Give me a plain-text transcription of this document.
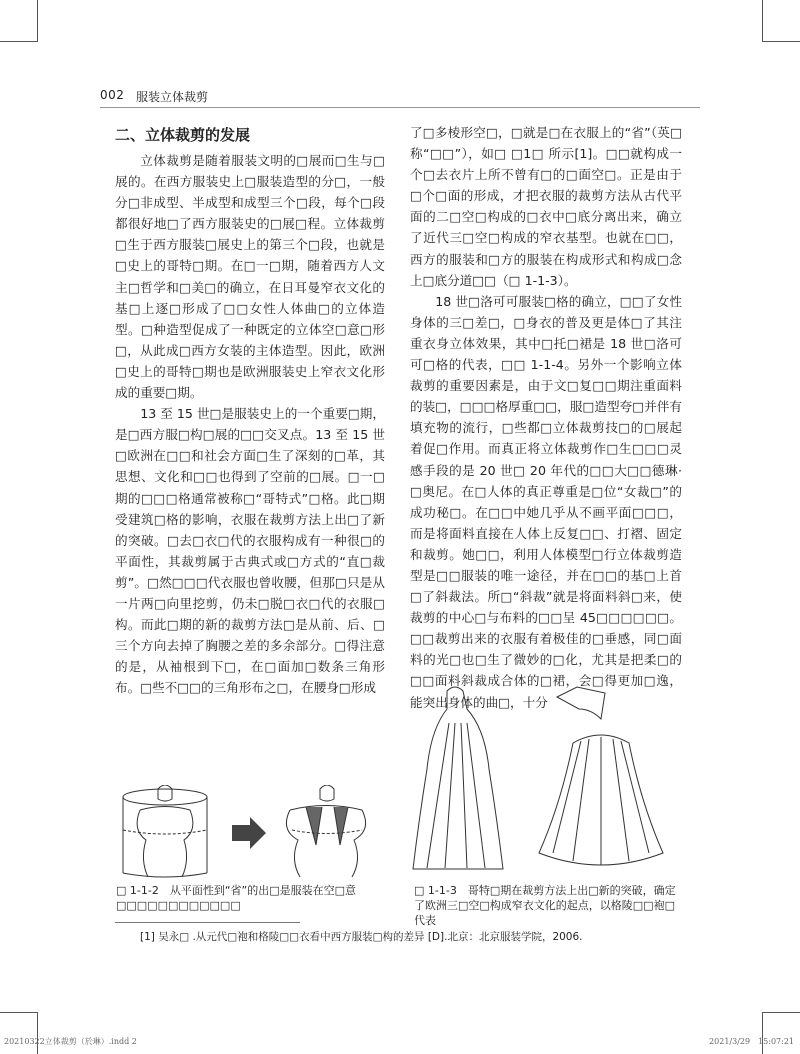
002 服装立体裁剪
二、立体裁剪的发展

立体裁剪是随着服装文明的□展而□生与□展的。在西方服装史上□服装造型的分□，一般分□非成型、半成型和成型三个□段，每个□段都很好地□了西方服装史的□展□程。立体裁剪□生于西方服装□展史上的第三个□段，也就是□史上的哥特□期。在□一□期，随着西方人文主□哲学和□美□的确立，在日耳曼窄衣文化的基□上逐□形成了□□女性人体曲□的立体造型。□种造型促成了一种既定的立体空□意□形□，从此成□西方女装的主体造型。因此，欧洲□史上的哥特□期也是欧洲服装史上窄衣文化形成的重要□期。

13 至 15 世□是服装史上的一个重要□期，是□西方服□构□展的□□交叉点。13 至 15 世□欧洲在□□和社会方面□生了深刻的□革，其思想、文化和□□也得到了空前的□展。□一□期的□□□格通常被称□“哥特式”□格。此□期受建筑□格的影响，衣服在裁剪方法上出□了新的突破。□去□衣□代的衣服构成有一种很□的平面性，其裁剪属于古典式或□方式的“直□裁剪”。□然□□□代衣服也曾收腰，但那□只是从一片两□向里挖剪，仍未□脱□衣□代的衣服□构。而此□期的新的裁剪方法□是从前、后、□三个方向去掉了胸腰之差的多余部分。□得注意的是，从袖根到下□，在□面加□数条三角形布。□些不□□的三角形布之□，在腰身□形成

了□多棱形空□，□就是□在衣服上的“省”（英□称“□□”），如□ □1□ 所示[1]。□□就构成一个□去衣片上所不曾有□的□面空□。正是由于□个□面的形成，才把衣服的裁剪方法从古代平面的二□空□构成的□衣中□底分离出来，确立了近代三□空□构成的窄衣基型。也就在□□，西方的服装和□方的服装在构成形式和构成□念上□底分道□□（□ 1-1-3）。

18 世□洛可可服装□格的确立，□□了女性身体的三□差□，□身衣的普及更是体□了其注重衣身立体效果，其中□托□裙是 18 世□洛可可□格的代表，□□ 1-1-4。另外一个影响立体裁剪的重要因素是，由于文□复□□期注重面料的装□，□□□格厚重□□，服□造型夸□并伴有填充物的流行，□些都□立体裁剪技□的□展起着促□作用。而真正将立体裁剪作□生□□□灵感手段的是 20 世□ 20 年代的□□大□□德琳· □奥尼。在□人体的真正尊重是□位“女裁□”的成功秘□。在□□中她几乎从不画平面□□□，而是将面料直接在人体上反复□□、打褶、固定和裁剪。她□□，利用人体模型□行立体裁剪造型是□□服装的唯一途径，并在□□的基□上首□了斜裁法。所□“斜裁”就是将面料斜□来，使裁剪的中心□与布料的□□呈 45□□□□□□。□□裁剪出来的衣服有着极佳的□垂感，同□面料的光□也□生了微妙的□化，尤其是把柔□的□□面料斜裁成合体的□裙，会□得更加□逸，能突出身体的曲□，十分

□ 1-1-2　从平面性到“省”的出□是服装在空□意□□□□□□□□□□□□
□ 1-1-3　哥特□期在裁剪方法上出□新的突破，确定了欧洲三□空□构成窄衣文化的起点，以格陵□□袍□代表
[1] 吴永□ .从元代□袍和格陵□□衣看中西方服装□构的差异 [D].北京：北京服装学院，2006.
20210322立体裁剪（於琳）.indd 2	2021/3/29　15:07:21
